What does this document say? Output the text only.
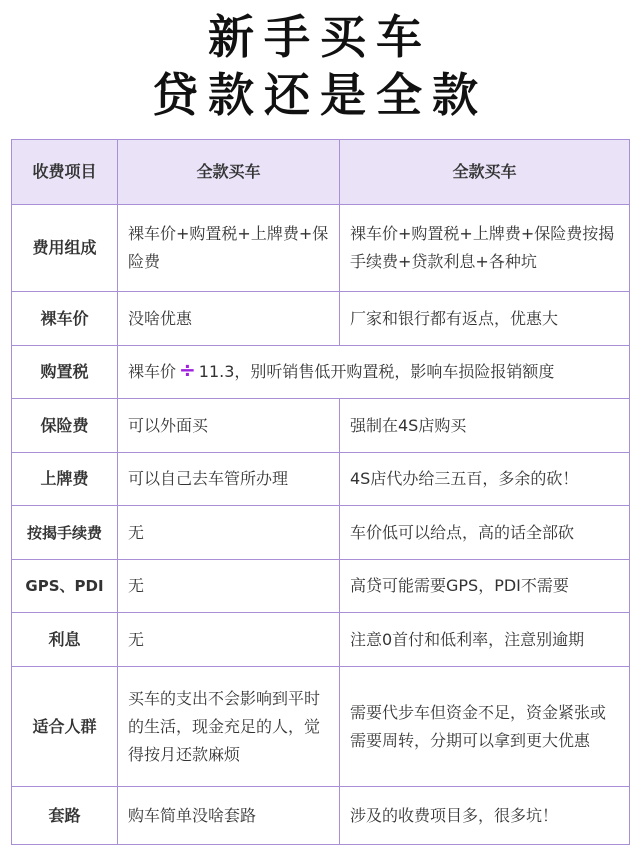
新手买车
贷款还是全款
收费项目	全款买车	全款买车
费用组成	裸车价+购置税+上牌费+保险费	裸车价+购置税+上牌费+保险费按揭手续费+贷款利息+各种坑
裸车价	没啥优惠	厂家和银行都有返点，优惠大
购置税	裸车价 ÷ 11.3，别听销售低开购置税，影响车损险报销额度	
保险费	可以外面买	强制在4S店购买
上牌费	可以自己去车管所办理	4S店代办给三五百，多余的砍！
按揭手续费	无	车价低可以给点，高的话全部砍
GPS、PDI	无	高贷可能需要GPS，PDI不需要
利息	无	注意0首付和低利率，注意别逾期
适合人群	买车的支出不会影响到平时的生活，现金充足的人，觉得按月还款麻烦	需要代步车但资金不足，资金紧张或需要周转，分期可以拿到更大优惠
套路	购车简单没啥套路	涉及的收费项目多，很多坑！
